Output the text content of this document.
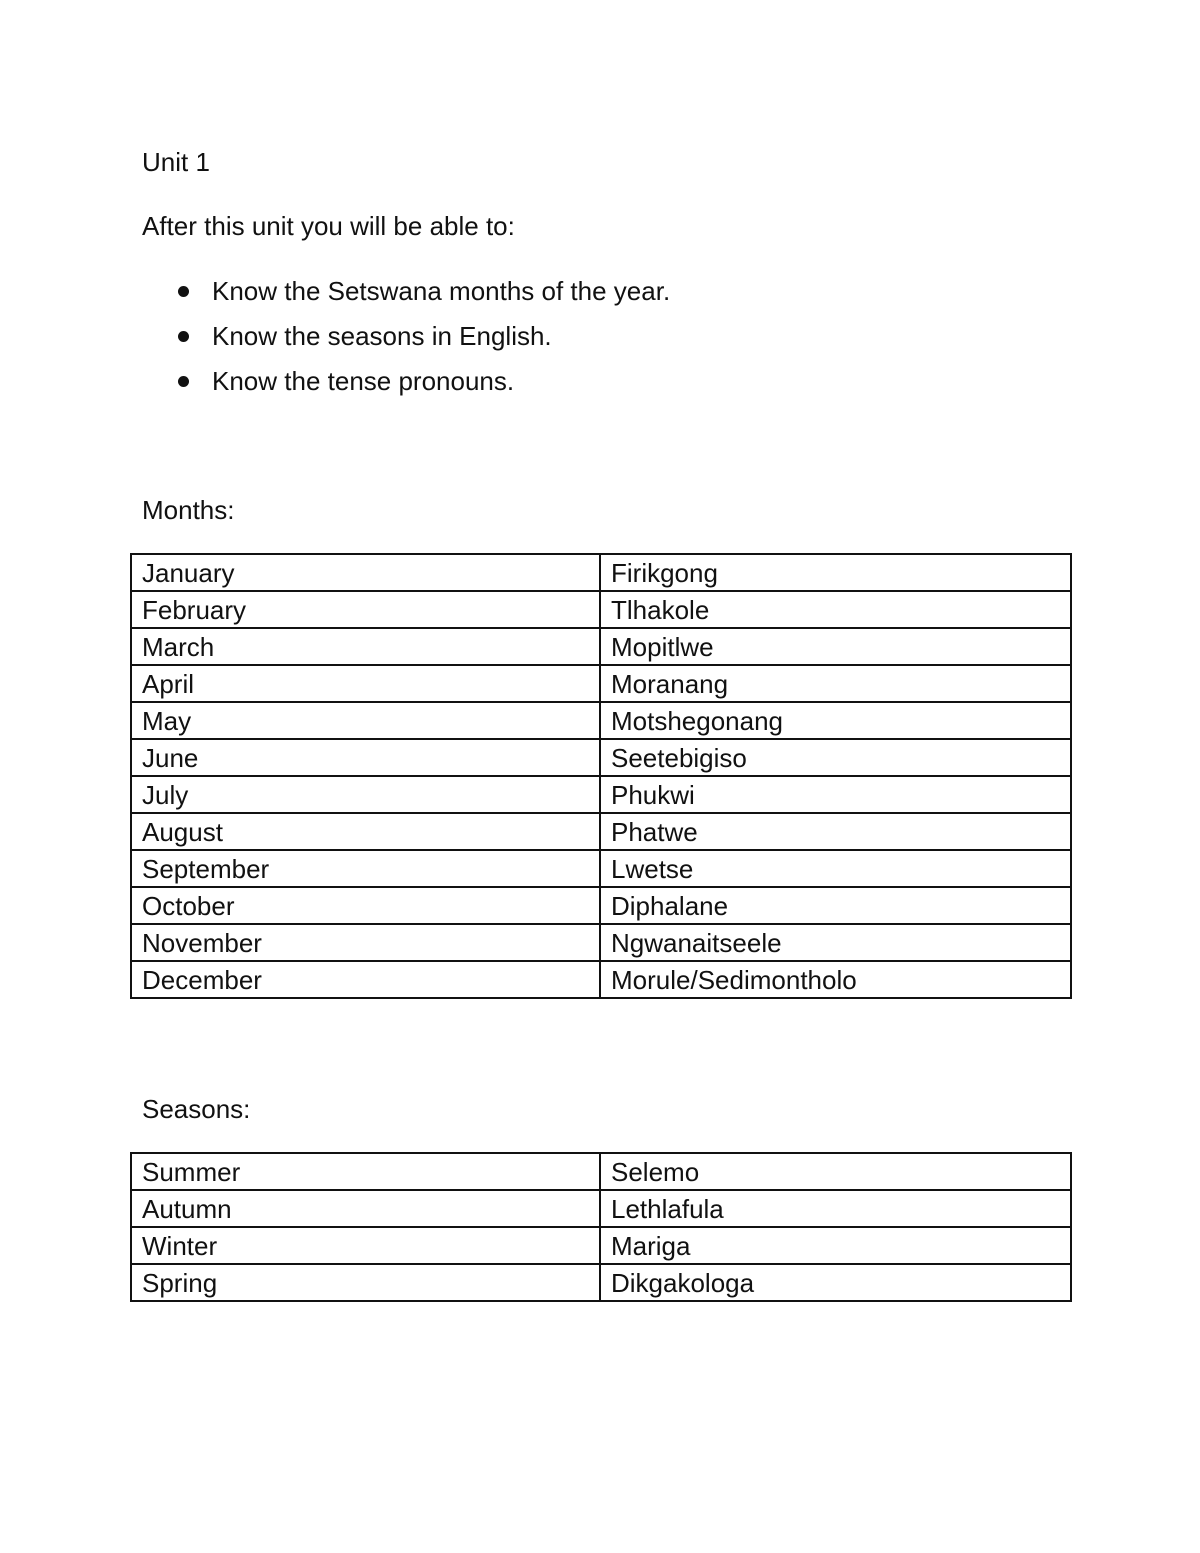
Unit 1
After this unit you will be able to:
Know the Setswana months of the year.
Know the seasons in English.
Know the tense pronouns.
Months:
January	Firikgong
February	Tlhakole
March	Mopitlwe
April	Moranang
May	Motshegonang
June	Seetebigiso
July	Phukwi
August	Phatwe
September	Lwetse
October	Diphalane
November	Ngwanaitseele
December	Morule/Sedimontholo
Seasons:
Summer	Selemo
Autumn	Lethlafula
Winter	Mariga
Spring	Dikgakologa
